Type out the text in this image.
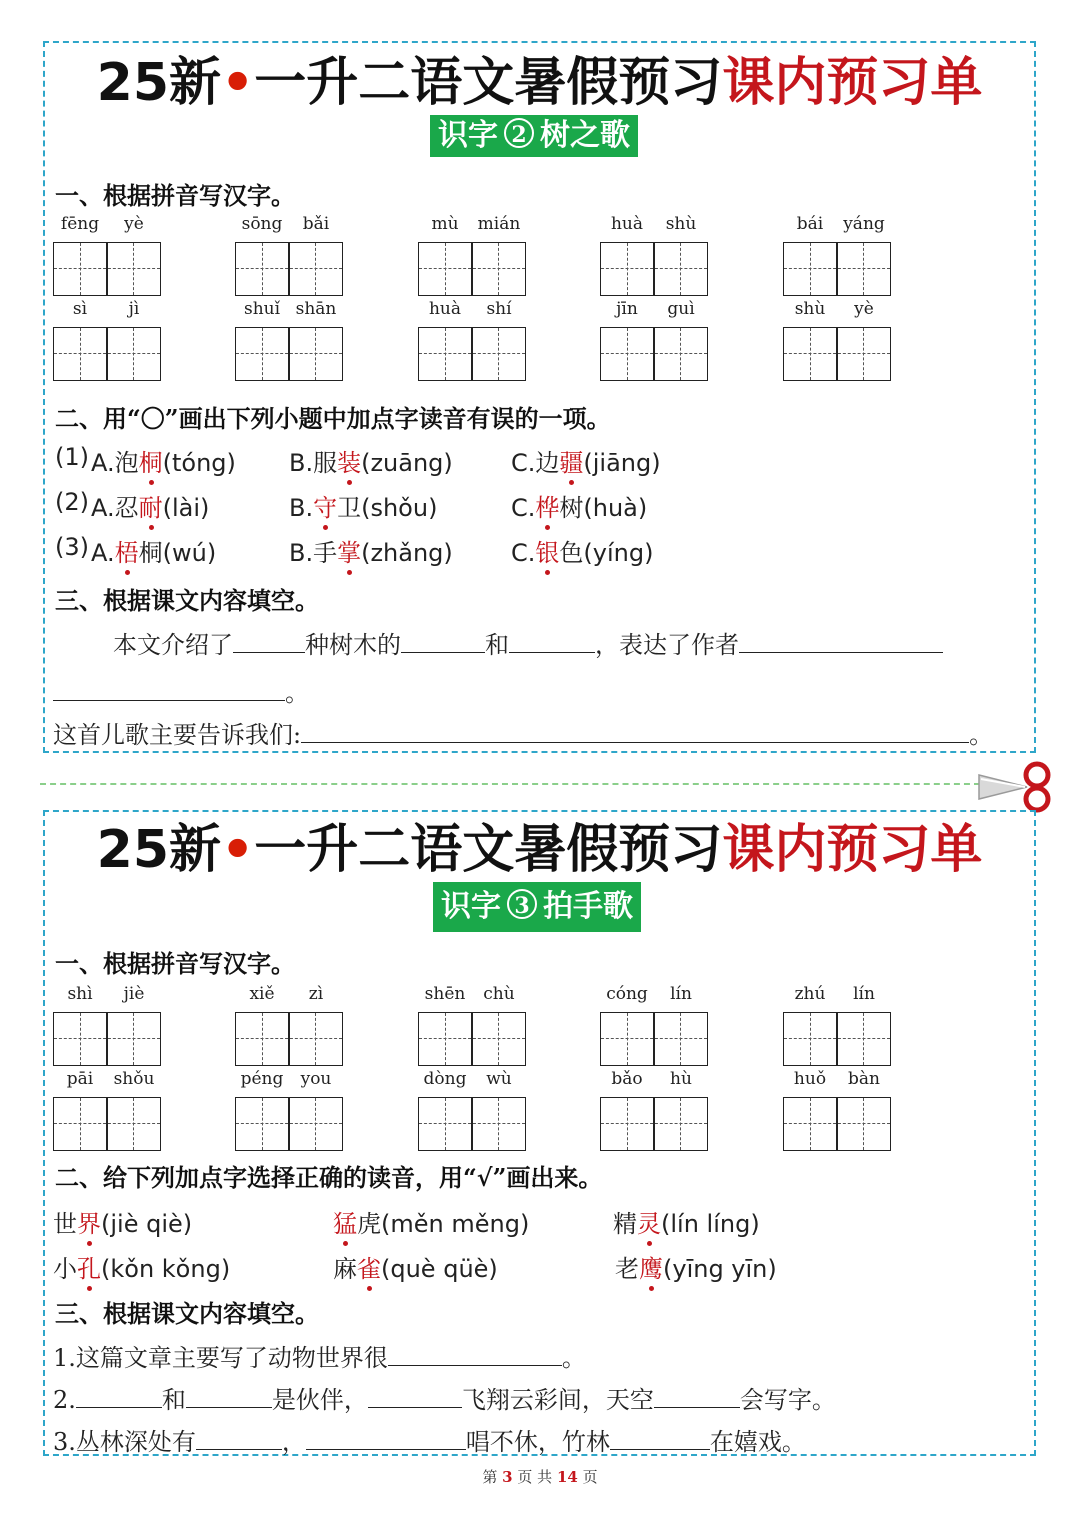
25新•一升二语文暑假预习课内预习单
识字 2 树之歌
一、根据拼音写汉字。
fēng	yè	sōng	bǎi	mù	mián	huà	shù	bái	yáng
sì	jì	shuǐ shān	huà	shí	jīn	guì	shù	yè
二、用“〇”画出下列小题中加点字读音有误的一项。
(1) A.泡桐(tóng) B.服装(zuāng) C.边疆(jiāng)
(2) A.忍耐(lài)	B.守卫(shǒu)	C.桦树(huà)
(3) A.梧桐(wú)	B.手掌(zhǎng) C.银色(yíng)
三、根据课文内容填空。
本文介绍了	种树木的	和	，表达了作者
。
这首儿歌主要告诉我们:	。
25新•一升二语文暑假预习课内预习单
识字 3 拍手歌
一、根据拼音写汉字。
shì	jiè	xiě	zì	shēn	chù	cóng	lín	zhú	lín
pāi	shǒu	péng	you	dòng	wù	bǎo	hù	huǒ	bàn
二、给下列加点字选择正确的读音，用“√”画出来。
世界(jiè qiè)	猛虎(měn měng)	精灵(lín líng)
小孔(kǒn kǒng)	麻雀(què qüè)	老鹰(yīng yīn)
三、根据课文内容填空。
1.这篇文章主要写了动物世界很	。
2.	和	是伙伴，	飞翔云彩间，天空	会写字。
3.丛林深处有	，	唱不休，竹林	在嬉戏。
第 3 页 共 14 页
